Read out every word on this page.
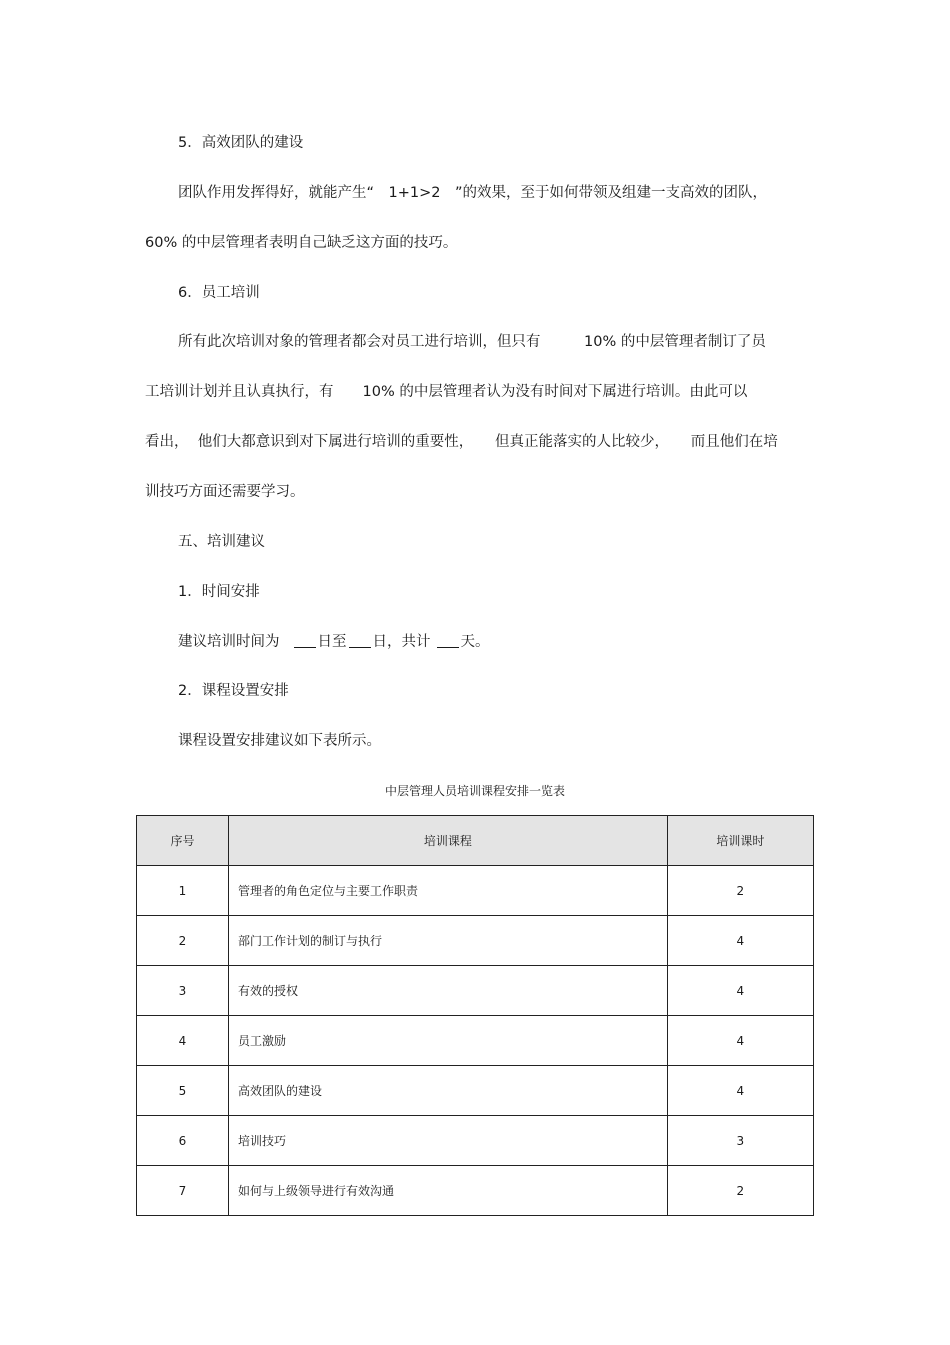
5．高效团队的建设
团队作用发挥得好，就能产生“　1+1>2　”的效果，至于如何带领及组建一支高效的团队，
60% 的中层管理者表明自己缺乏这方面的技巧。
6．员工培训
所有此次培训对象的管理者都会对员工进行培训，但只有　　　10% 的中层管理者制订了员
工培训计划并且认真执行，有　　10% 的中层管理者认为没有时间对下属进行培训。由此可以
看出，  他们大都意识到对下属进行培训的重要性，　　但真正能落实的人比较少，　　而且他们在培
训技巧方面还需要学习。
五、培训建议
1．时间安排
建议培训时间为	日至 日，共计 天。
2．课程设置安排
课程设置安排建议如下表所示。
中层管理人员培训课程安排一览表
序号	培训课程	培训课时
1	管理者的角色定位与主要工作职责	2
2	部门工作计划的制订与执行	4
3	有效的授权	4
4	员工激励	4
5	高效团队的建设	4
6	培训技巧	3
7	如何与上级领导进行有效沟通	2
